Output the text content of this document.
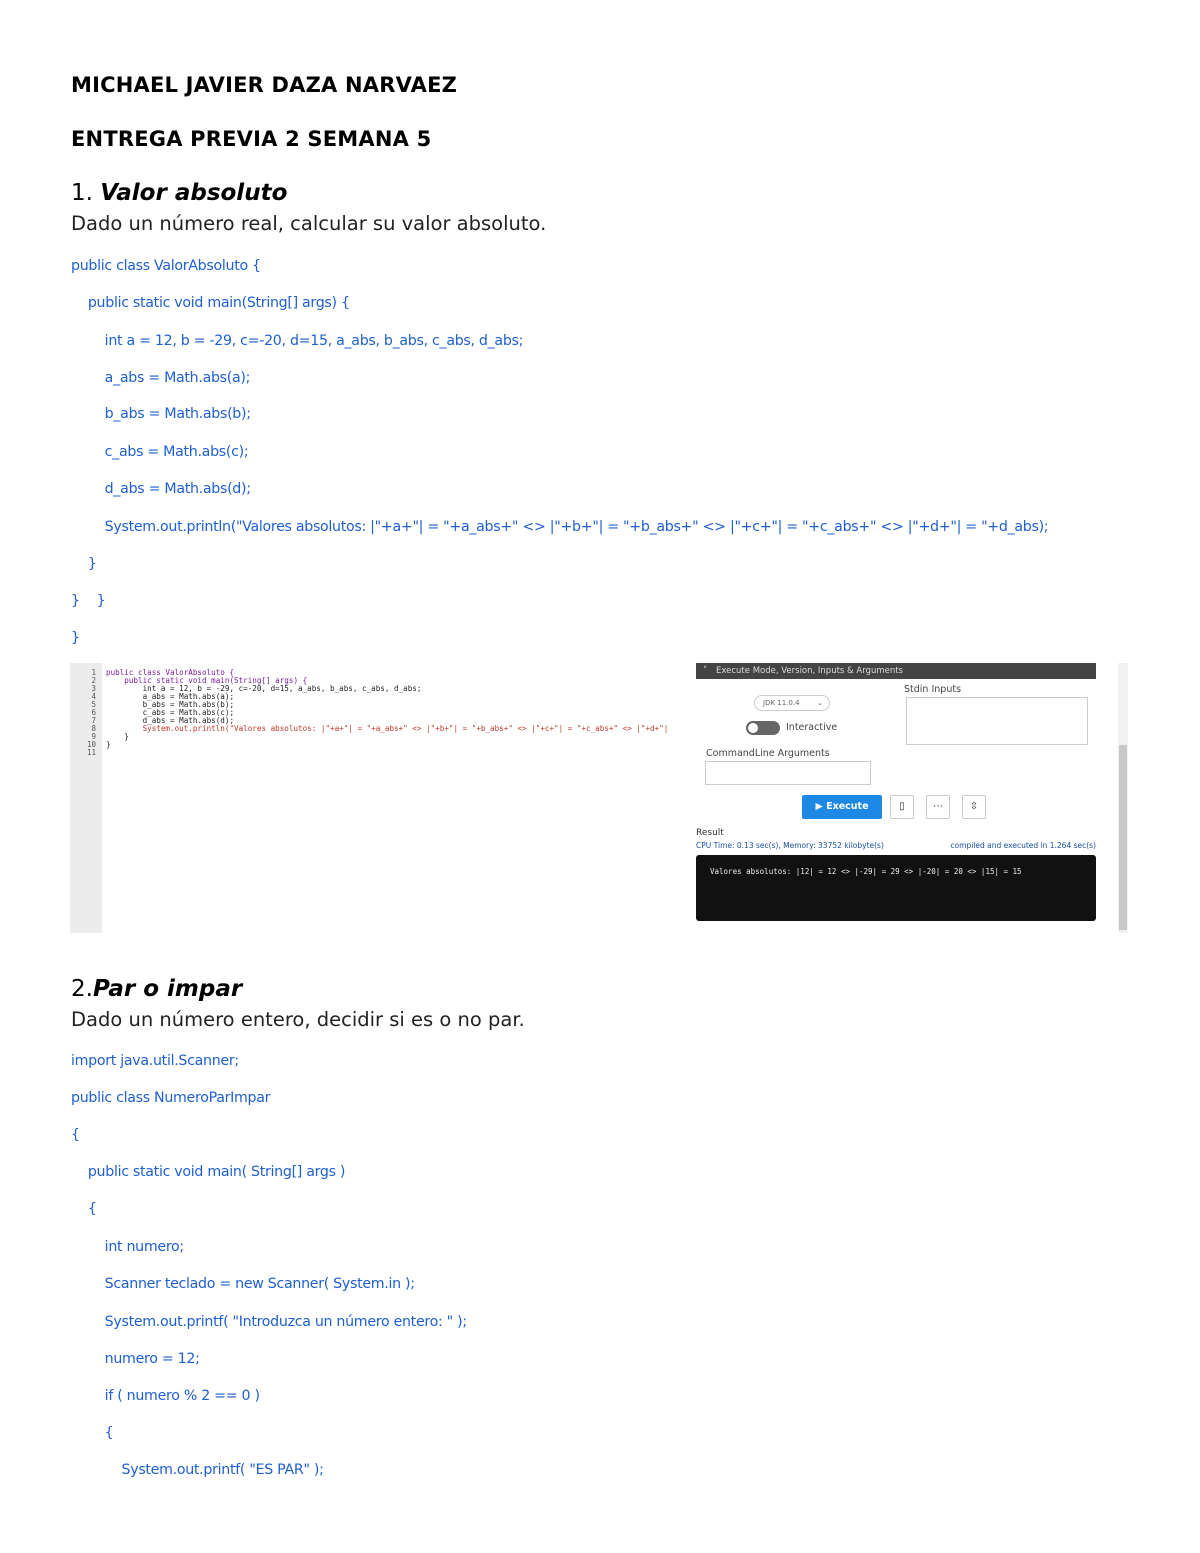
MICHAEL JAVIER DAZA NARVAEZ
ENTREGA PREVIA 2 SEMANA 5
1. Valor absoluto
Dado un número real, calcular su valor absoluto.
public class ValorAbsoluto {
public static void main(String[] args) {
int a = 12, b = -29, c=-20, d=15, a_abs, b_abs, c_abs, d_abs;
a_abs = Math.abs(a);
b_abs = Math.abs(b);
c_abs = Math.abs(c);
d_abs = Math.abs(d);
System.out.println("Valores absolutos: |"+a+"| = "+a_abs+" <> |"+b+"| = "+b_abs+" <> |"+c+"| = "+c_abs+" <> |"+d+"| = "+d_abs);
}
}    }
}
1
2
3
4
5
6
7
8
9
10
11
public class ValorAbsoluto {
public static void main(String[] args) {
int a = 12, b = -29, c=-20, d=15, a_abs, b_abs, c_abs, d_abs;
a_abs = Math.abs(a);
b_abs = Math.abs(b);
c_abs = Math.abs(c);
d_abs = Math.abs(d);
System.out.println("Valores absolutos: |"+a+"| = "+a_abs+" <> |"+b+"| = "+b_abs+" <> |"+c+"| = "+c_abs+" <> |"+d+"|
}
}
˅ Execute Mode, Version, Inputs & Arguments
JDK 11.0.4	⌄
Interactive
Stdin Inputs
CommandLine Arguments
▶ Execute	▯	⋯	⇳
Result
CPU Time: 0.13 sec(s), Memory: 33752 kilobyte(s)	compiled and executed in 1.264 sec(s)
Valores absolutos: |12| = 12 <> |-29| = 29 <> |-20| = 20 <> |15| = 15
2.Par o impar
Dado un número entero, decidir si es o no par.
import java.util.Scanner;
public class NumeroParImpar
{
public static void main( String[] args )
{
int numero;
Scanner teclado = new Scanner( System.in );
System.out.printf( "Introduzca un número entero: " );
numero = 12;
if ( numero % 2 == 0 )
{
System.out.printf( "ES PAR" );
